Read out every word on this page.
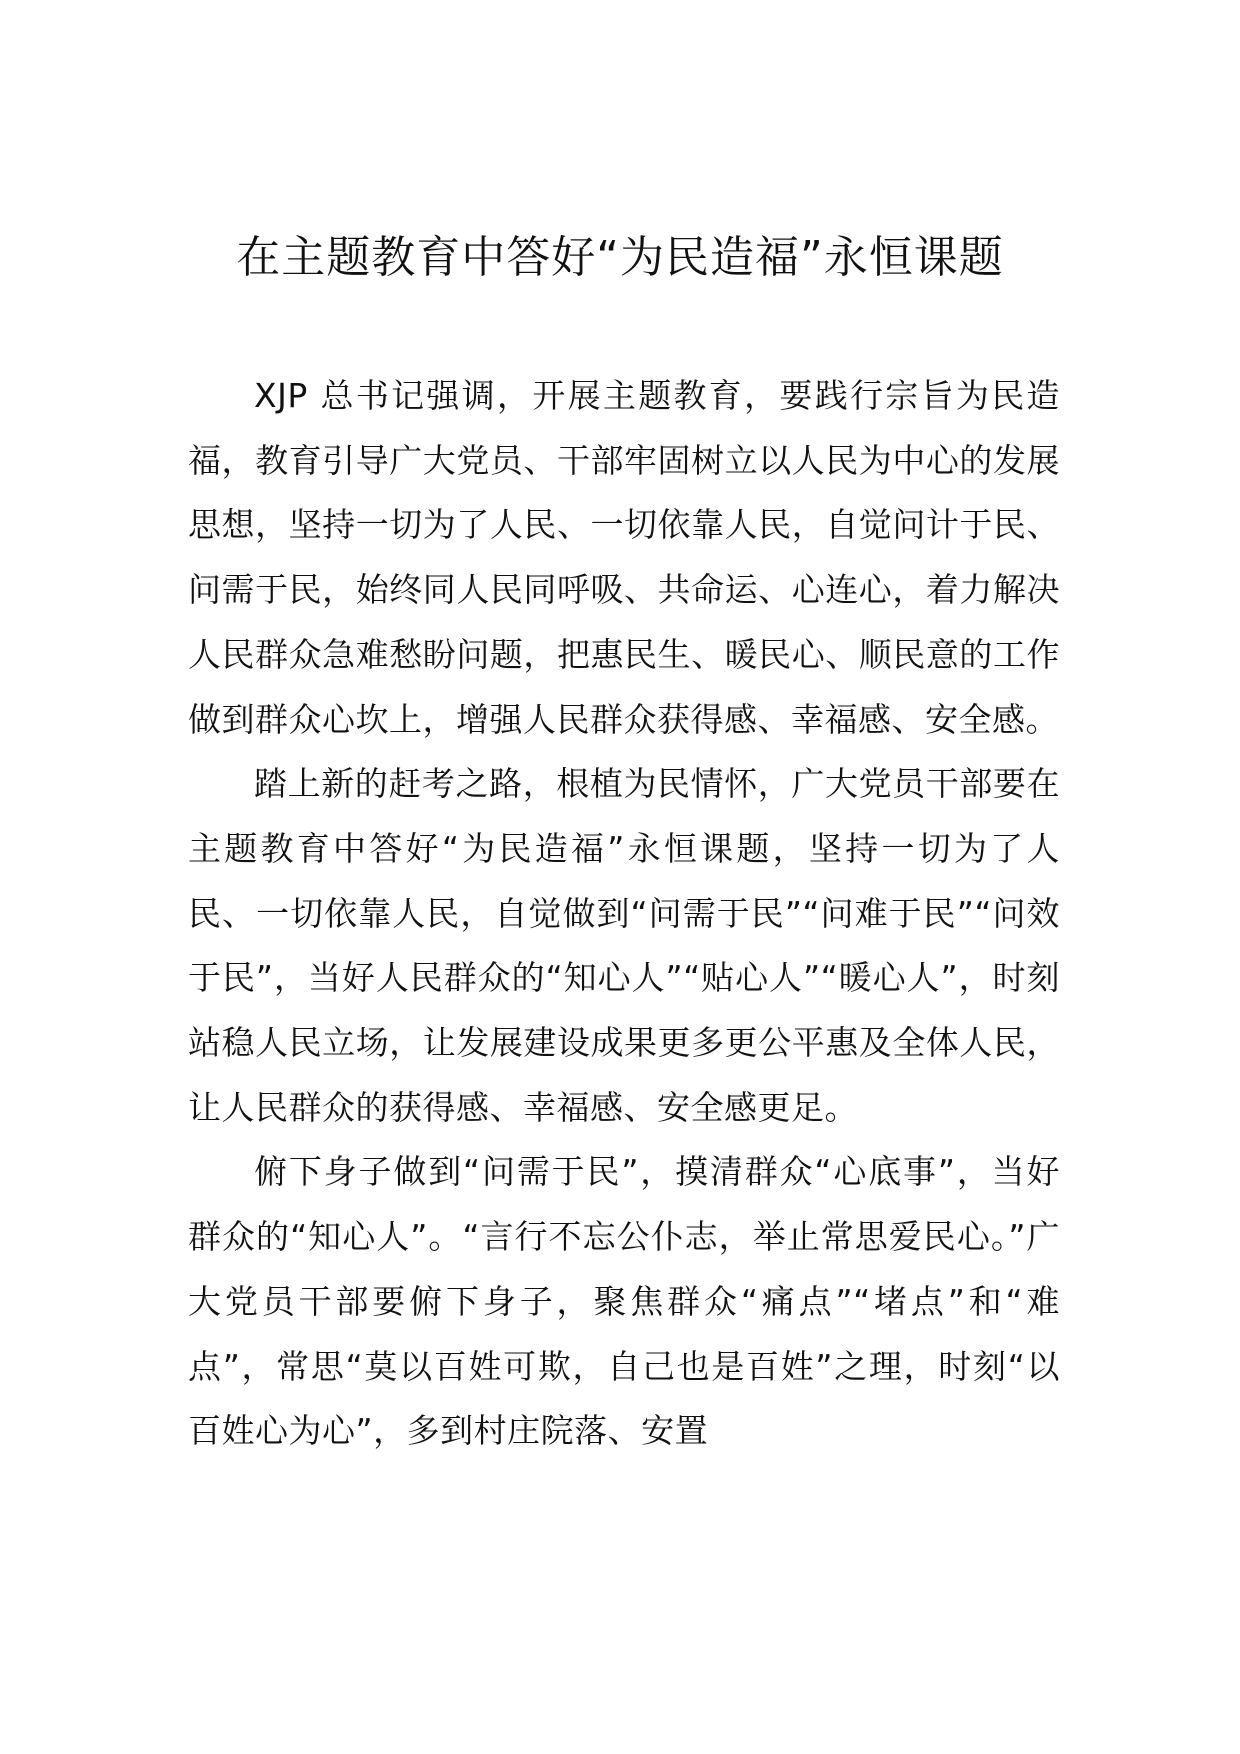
在主题教育中答好“为民造福”永恒课题

XJP 总书记强调，开展主题教育，要践行宗旨为民造福，教育引导广大党员、干部牢固树立以人民为中心的发展思想，坚持一切为了人民、一切依靠人民，自觉问计于民、问需于民，始终同人民同呼吸、共命运、心连心，着力解决人民群众急难愁盼问题，把惠民生、暖民心、顺民意的工作做到群众心坎上，增强人民群众获得感、幸福感、安全感。

踏上新的赶考之路，根植为民情怀，广大党员干部要在主题教育中答好“为民造福”永恒课题，坚持一切为了人民、一切依靠人民，自觉做到“问需于民”“问难于民”“问效于民”，当好人民群众的“知心人”“贴心人”“暖心人”，时刻站稳人民立场，让发展建设成果更多更公平惠及全体人民，让人民群众的获得感、幸福感、安全感更足。

俯下身子做到“问需于民”，摸清群众“心底事”，当好群众的“知心人”。“言行不忘公仆志，举止常思爱民心。”广大党员干部要俯下身子，聚焦群众“痛点”“堵点”和“难点”，常思“莫以百姓可欺，自己也是百姓”之理，时刻“以百姓心为心”，多到村庄院落、安置
